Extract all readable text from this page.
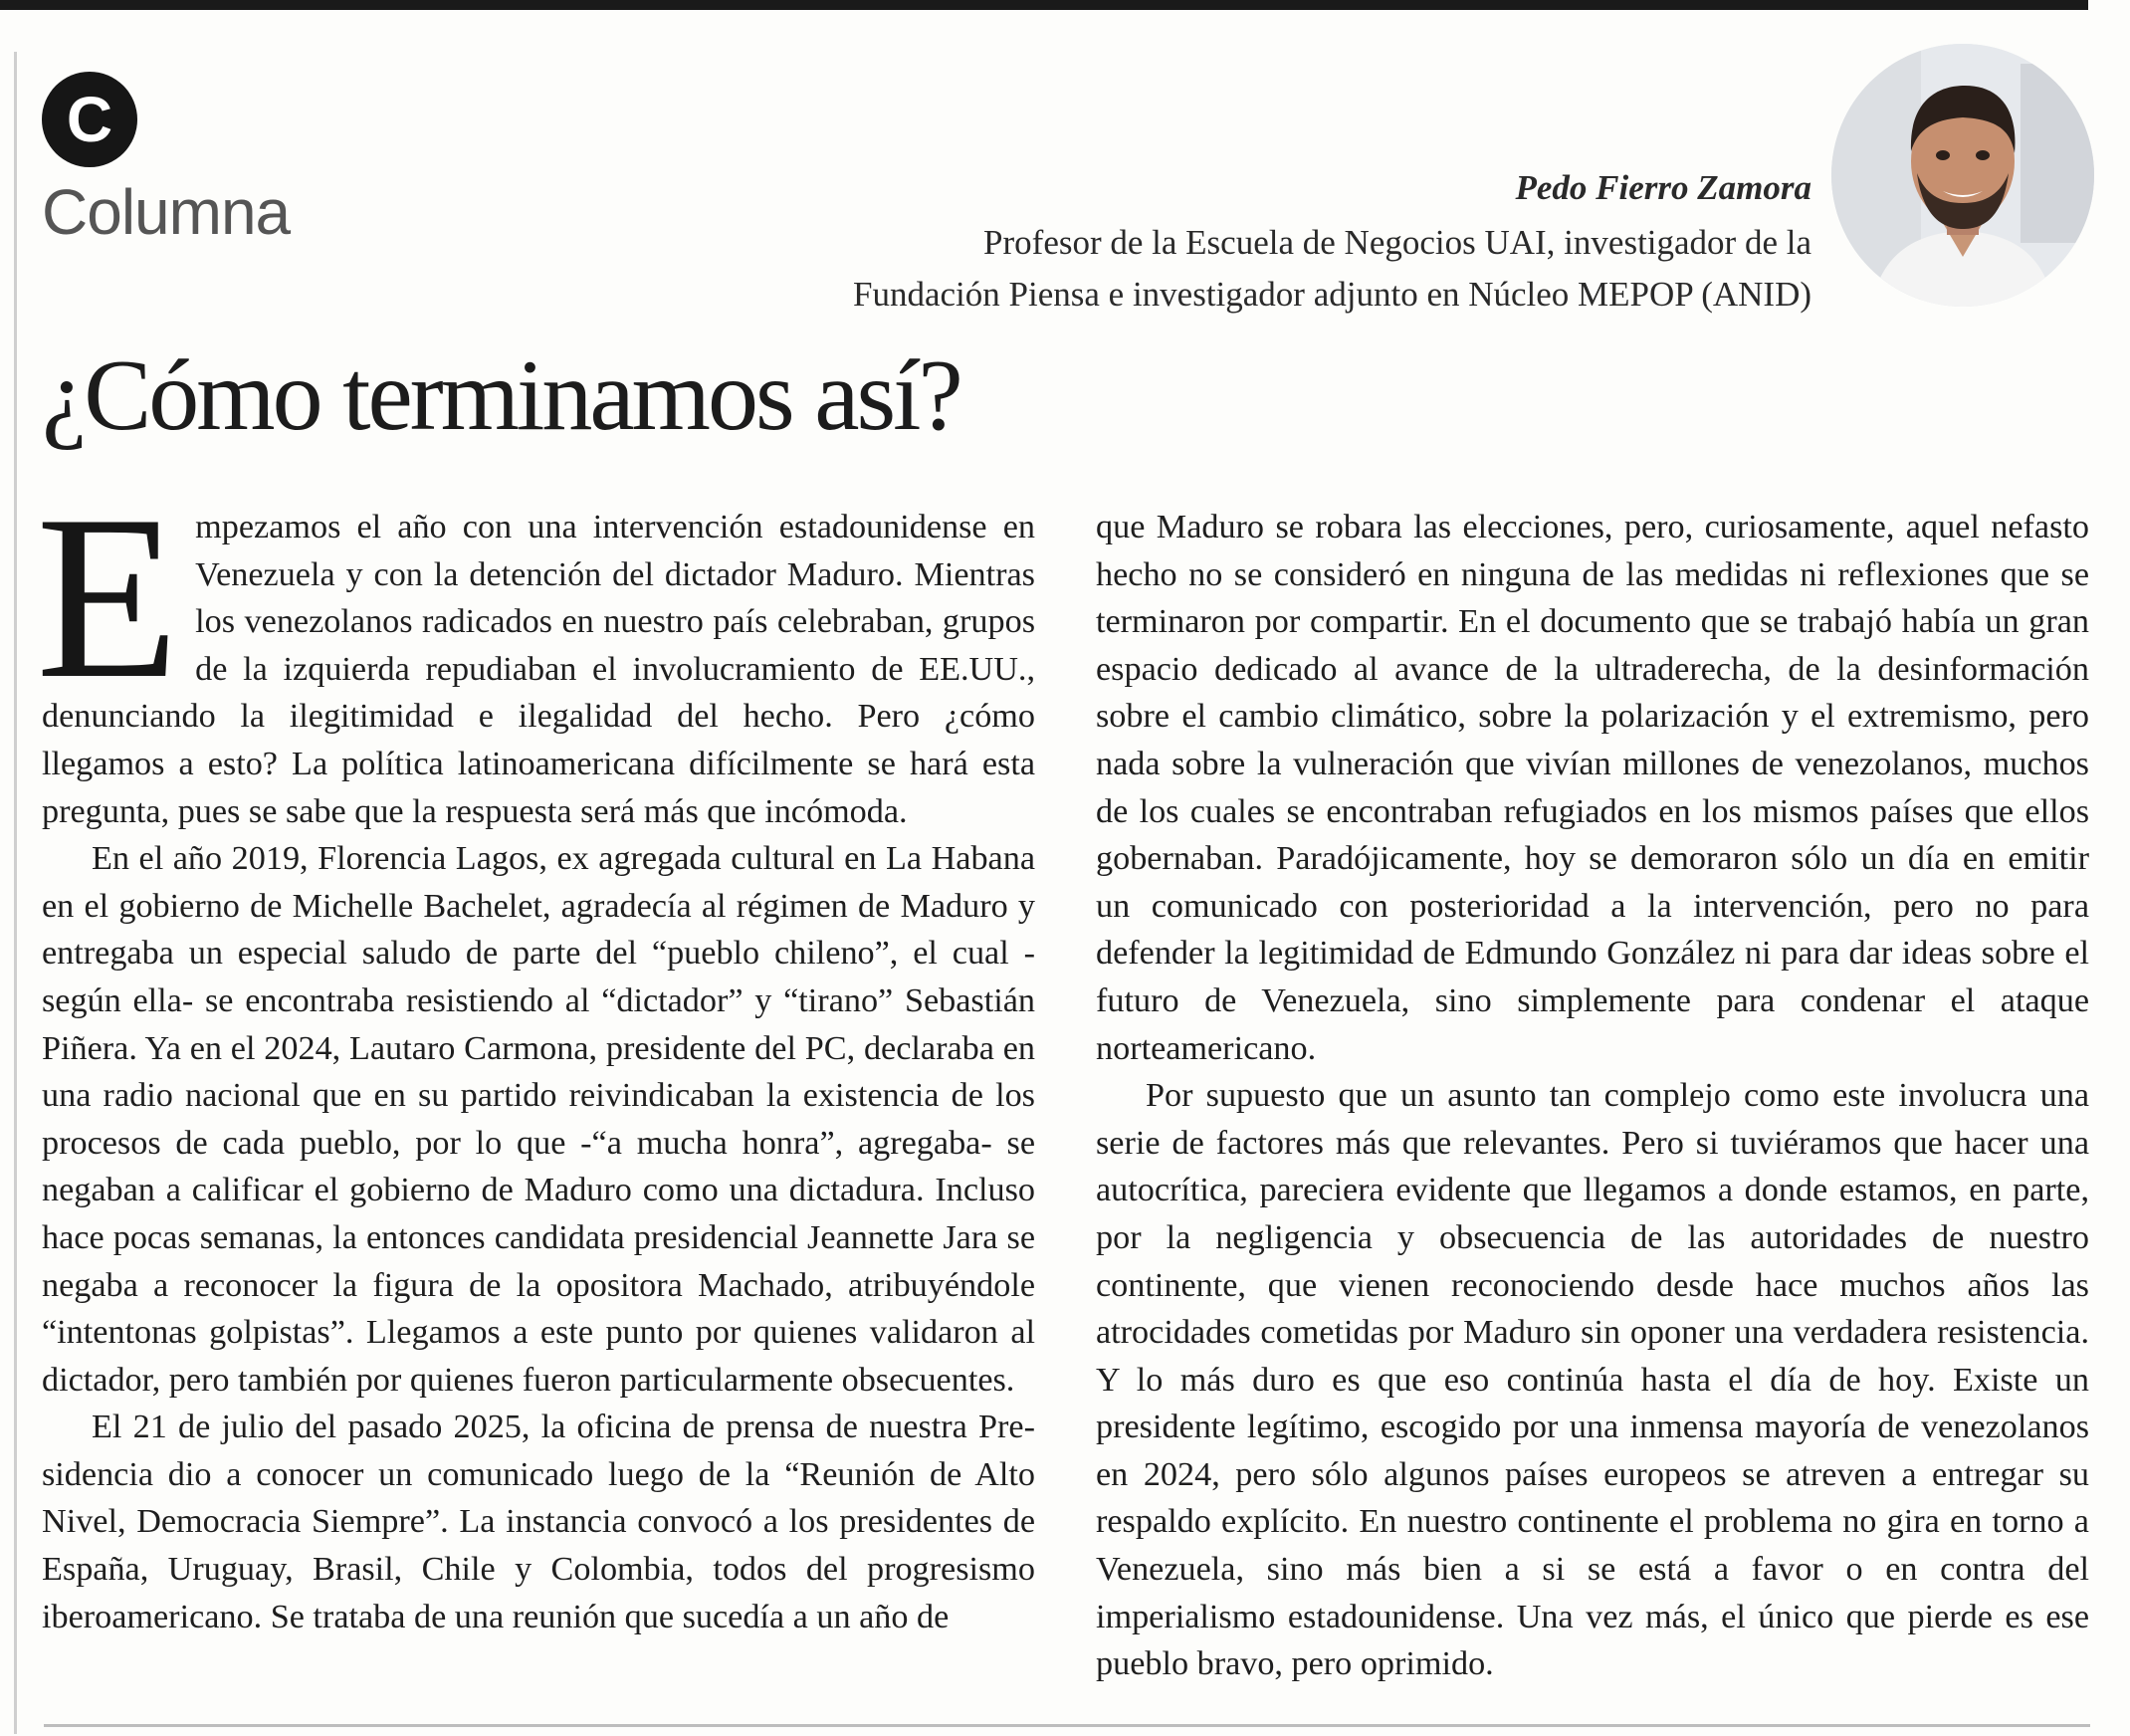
C
Columna	Pedo Fierro Zamora
Profesor de la Escuela de Negocios UAI, investigador de la
Fundación Piensa e investigador adjunto en Núcleo MEPOP (ANID)
¿Cómo terminamos así?

Empezamos el año con una intervención estadounidense en Venezuela y con la detención del dictador Maduro. Mientras los venezolanos radicados en nuestro país celebraban, grupos de la izquierda repudiaban el involucramiento de EE.UU., denunciando la ilegitimidad e ilegalidad del hecho. Pero ¿cómo llegamos a esto? La política latinoamericana difícilmente se hará esta pregunta, pues se sabe que la respuesta será más que incómoda.

En el año 2019, Florencia Lagos, ex agregada cultural en La Habana en el gobierno de Michelle Bachelet, agradecía al régimen de Maduro y entregaba un especial saludo de parte del “pueblo chileno”, el cual -según ella- se encontraba resistiendo al “dictador” y “tirano” Sebastián Piñera. Ya en el 2024, Lautaro Carmona, presidente del PC, declaraba en una radio nacional que en su partido reivindicaban la existencia de los procesos de cada pueblo, por lo que -“a mucha honra”, agregaba- se negaban a calificar el gobierno de Maduro como una dictadura. Incluso hace pocas semanas, la entonces candidata presidencial Jeannette Jara se negaba a reconocer la figura de la opositora Machado, atribuyéndole “intentonas golpistas”. Llegamos a este punto por quienes validaron al dictador, pero también por quienes fueron particularmente obsecuentes.

El 21 de julio del pasado 2025, la oficina de prensa de nuestra Presidencia dio a conocer un comunicado luego de la “Reunión de Alto Nivel, Democracia Siempre”. La instancia convocó a los presidentes de España, Uruguay, Brasil, Chile y Colombia, todos del progresismo iberoamericano. Se trataba de una reunión que sucedía a un año de

que Maduro se robara las elecciones, pero, curiosamente, aquel nefasto hecho no se consideró en ninguna de las medidas ni reflexiones que se terminaron por compartir. En el documento que se trabajó había un gran espacio dedicado al avance de la ultraderecha, de la desinformación sobre el cambio climático, sobre la polarización y el extremismo, pero nada sobre la vulneración que vivían millones de venezolanos, muchos de los cuales se encontraban refugiados en los mismos países que ellos gobernaban. Paradójicamente, hoy se demoraron sólo un día en emitir un comunicado con posterioridad a la intervención, pero no para defender la legitimidad de Edmundo González ni para dar ideas sobre el futuro de Venezuela, sino simplemente para condenar el ataque norteamericano.

Por supuesto que un asunto tan complejo como este involucra una serie de factores más que relevantes. Pero si tuviéramos que hacer una autocrítica, pareciera evidente que llegamos a donde estamos, en parte, por la negligencia y obsecuencia de las autoridades de nuestro continente, que vienen reconociendo desde hace muchos años las atrocidades cometidas por Maduro sin oponer una verdadera resistencia. Y lo más duro es que eso continúa hasta el día de hoy. Existe un presidente legítimo, escogido por una inmensa mayoría de venezolanos en 2024, pero sólo algunos países europeos se atreven a entregar su respaldo explícito. En nuestro continente el problema no gira en torno a Venezuela, sino más bien a si se está a favor o en contra del imperialismo estadounidense. Una vez más, el único que pierde es ese pueblo bravo, pero oprimido.
